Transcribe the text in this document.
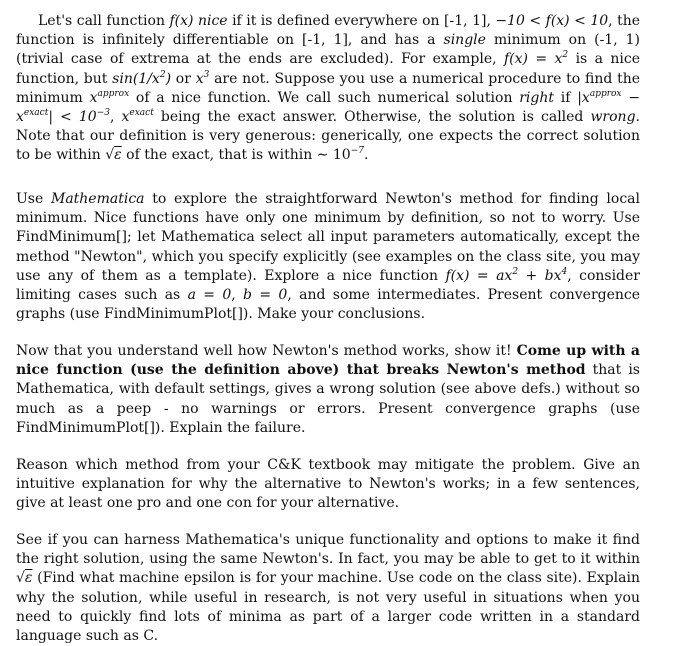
Let's call function f(x) nice if it is defined everywhere on [-1, 1], −10 < f(x) < 10, the function is infinitely differentiable on [-1, 1], and has a single minimum on (-1, 1) (trivial case of extrema at the ends are excluded). For example, $f(x) = x^2$ is a nice function, but $\sin(1/x^2)$ or $x^3$ are not. Suppose you use a numerical procedure to find the minimum $x^{approx}$ of a nice function. We call such numerical solution right if $|x^{approx} - x^{exact}| < 10^{-3}$, $x^{exact}$ being the exact answer. Otherwise, the solution is called wrong. Note that our definition is very generous: generically, one expects the correct solution to be within √ε of the exact, that is within ∼ $10^{-7}$.

Use Mathematica to explore the straightforward Newton's method for finding local minimum. Nice functions have only one minimum by definition, so not to worry. Use FindMinimum[]; let Mathematica select all input parameters automatically, except the method "Newton", which you specify explicitly (see examples on the class site, you may use any of them as a template). Explore a nice function $f(x) = ax^2 + bx^4$, consider limiting cases such as a = 0, b = 0, and some intermediates. Present convergence graphs (use FindMinimumPlot[]). Make your conclusions.

Now that you understand well how Newton's method works, show it! Come up with a nice function (use the definition above) that breaks Newton's method that is Mathematica, with default settings, gives a wrong solution (see above defs.) without so much as a peep - no warnings or errors. Present convergence graphs (use FindMinimumPlot[]). Explain the failure.

Reason which method from your C&K textbook may mitigate the problem. Give an intuitive explanation for why the alternative to Newton's works; in a few sentences, give at least one pro and one con for your alternative.

See if you can harness Mathematica's unique functionality and options to make it find the right solution, using the same Newton's. In fact, you may be able to get to it within √ε (Find what machine epsilon is for your machine. Use code on the class site). Explain why the solution, while useful in research, is not very useful in situations when you need to quickly find lots of minima as part of a larger code written in a standard language such as C.
